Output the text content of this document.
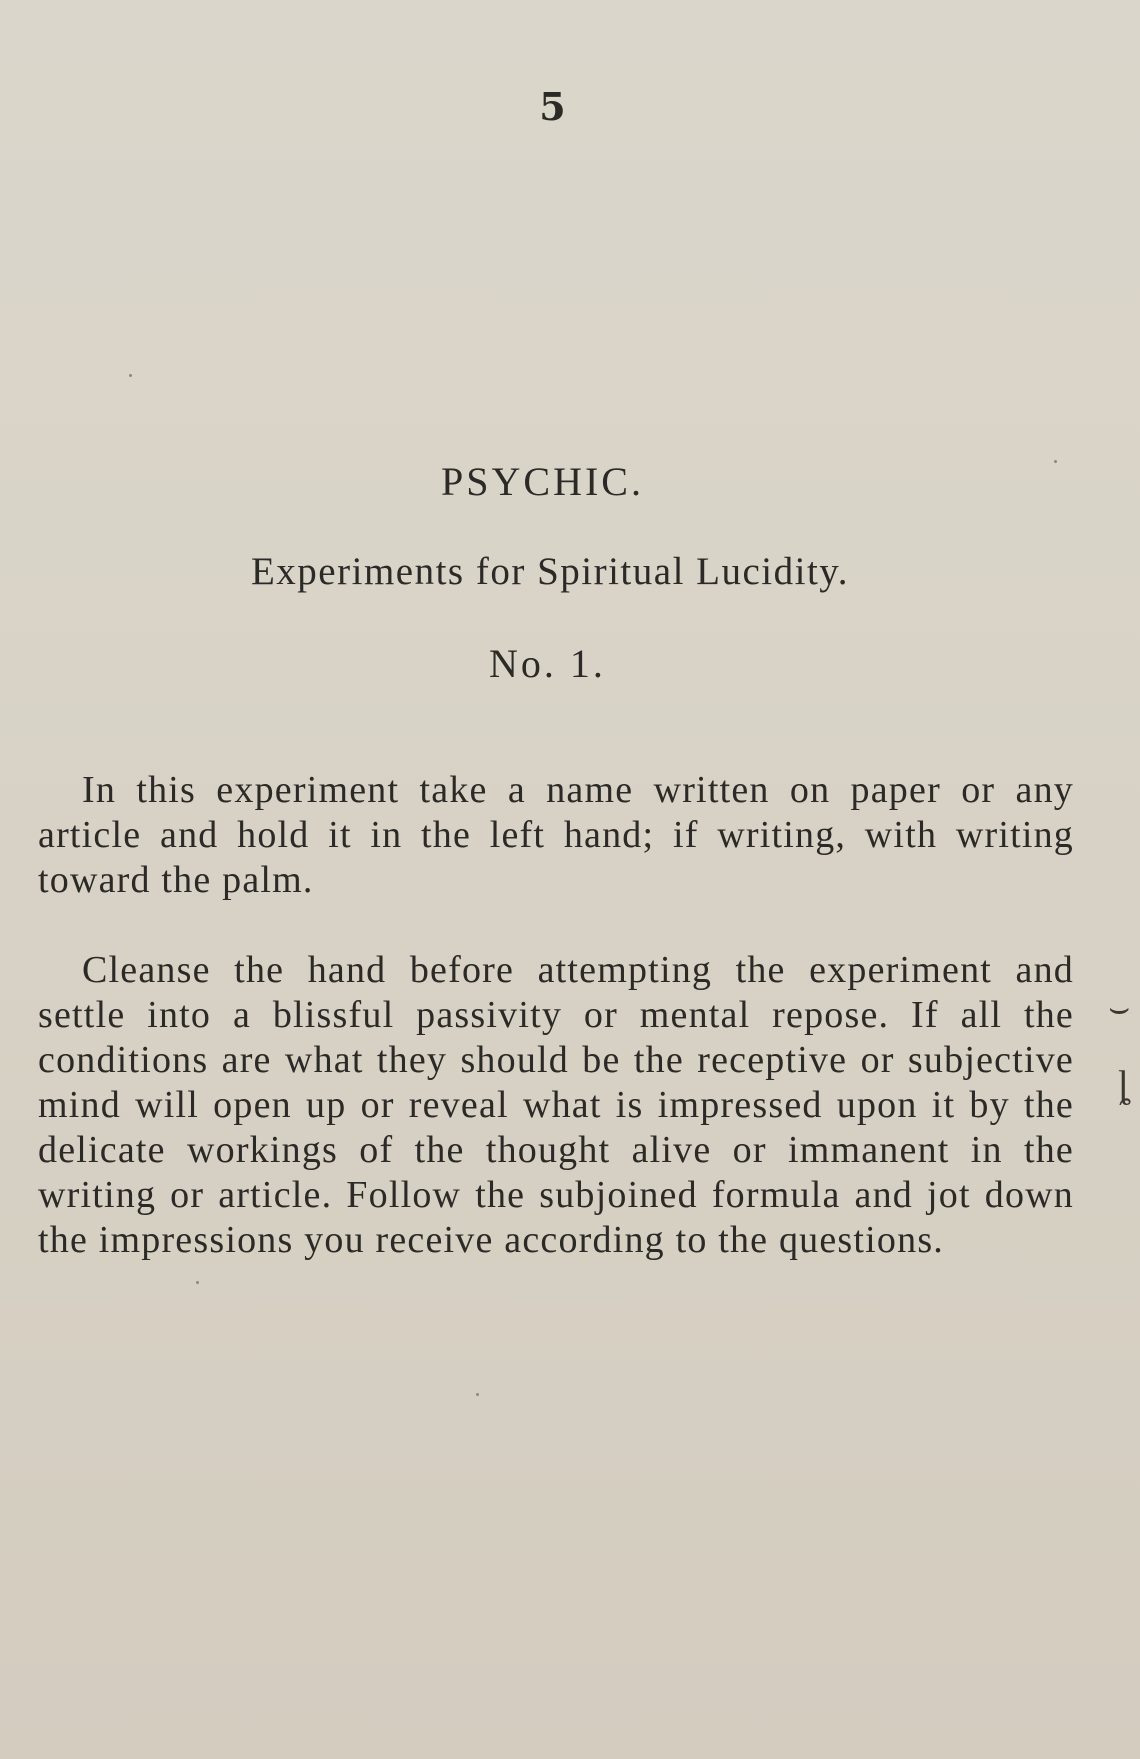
5
PSYCHIC.
Experiments for Spiritual Lucidity.
No. 1.

In this experiment take a name written on paper or any article and hold it in the left hand; if writing, with writing toward the palm.

Cleanse the hand before attempting the experiment and settle into a blissful passivity or mental repose. If all the conditions are what they should be the receptive or subjective mind will open up or reveal what is impressed upon it by the delicate workings of the thought alive or immanent in the writing or article. Follow the subjoined formula and jot down the impressions you receive according to the questions.

⌣
ȴ
